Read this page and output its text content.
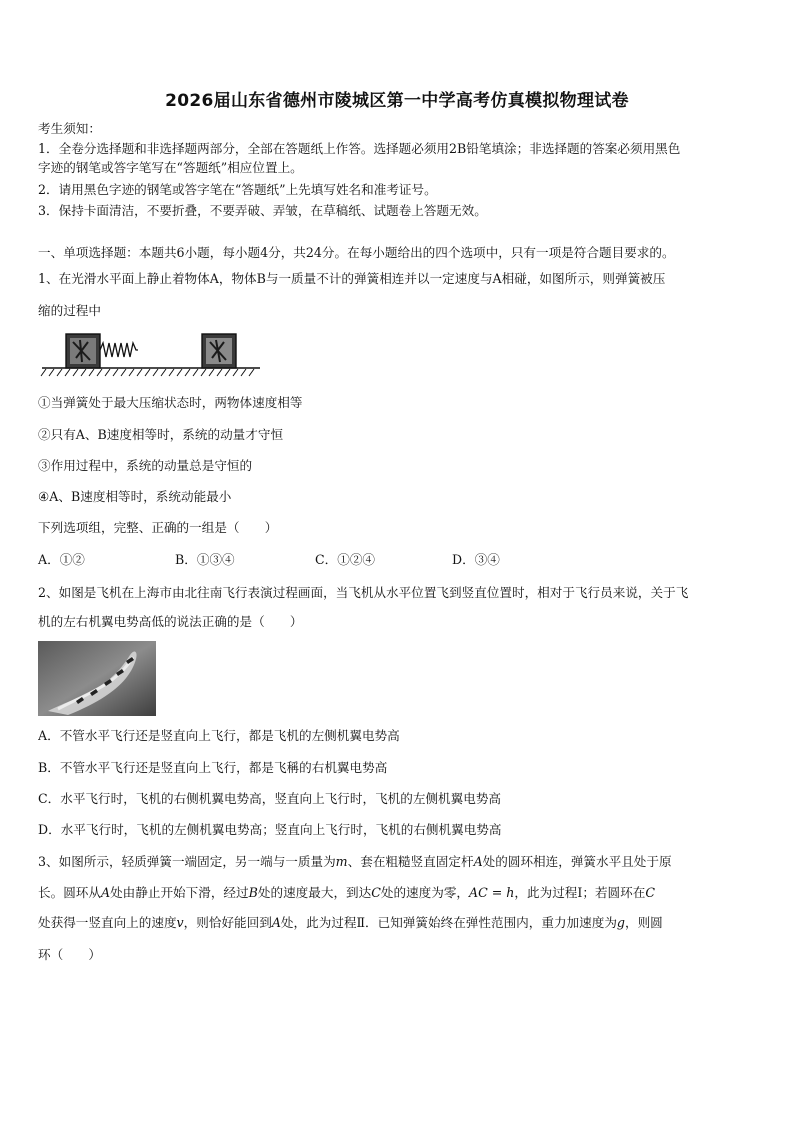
2026届山东省德州市陵城区第一中学高考仿真模拟物理试卷
考生须知：
1．全卷分选择题和非选择题两部分，全部在答题纸上作答。选择题必须用2B铅笔填涂；非选择题的答案必须用黑色
字迹的钢笔或答字笔写在“答题纸”相应位置上。
2．请用黑色字迹的钢笔或答字笔在“答题纸”上先填写姓名和准考证号。
3．保持卡面清洁，不要折叠，不要弄破、弄皱，在草稿纸、试题卷上答题无效。
一、单项选择题：本题共6小题，每小题4分，共24分。在每小题给出的四个选项中，只有一项是符合题目要求的。
1、在光滑水平面上静止着物体A，物体B与一质量不计的弹簧相连并以一定速度与A相碰，如图所示，则弹簧被压
缩的过程中
①当弹簧处于最大压缩状态时，两物体速度相等
②只有A、B速度相等时，系统的动量才守恒
③作用过程中，系统的动量总是守恒的
④A、B速度相等时，系统动能最小
下列选项组，完整、正确的一组是（　　）
A．①②	B．①③④	C．①②④	D．③④
2、如图是飞机在上海市由北往南飞行表演过程画面，当飞机从水平位置飞到竖直位置时，相对于飞行员来说，关于飞
机的左右机翼电势高低的说法正确的是（　　）
A．不管水平飞行还是竖直向上飞行，都是飞机的左侧机翼电势高
B．不管水平飞行还是竖直向上飞行，都是飞稱的右机翼电势高
C．水平飞行时，飞机的右侧机翼电势高，竖直向上飞行时，飞机的左侧机翼电势高
D．水平飞行时，飞机的左侧机翼电势高；竖直向上飞行时，飞机的右侧机翼电势高
3、如图所示，轻质弹簧一端固定，另一端与一质量为m、套在粗糙竖直固定杆A处的圆环相连，弹簧水平且处于原
长。圆环从A处由静止开始下滑，经过B处的速度最大，到达C处的速度为零，AC = h，此为过程Ⅰ；若圆环在C
处获得一竖直向上的速度v，则恰好能回到A处，此为过程Ⅱ．已知弹簧始终在弹性范围内，重力加速度为g，则圆
环（　　）
